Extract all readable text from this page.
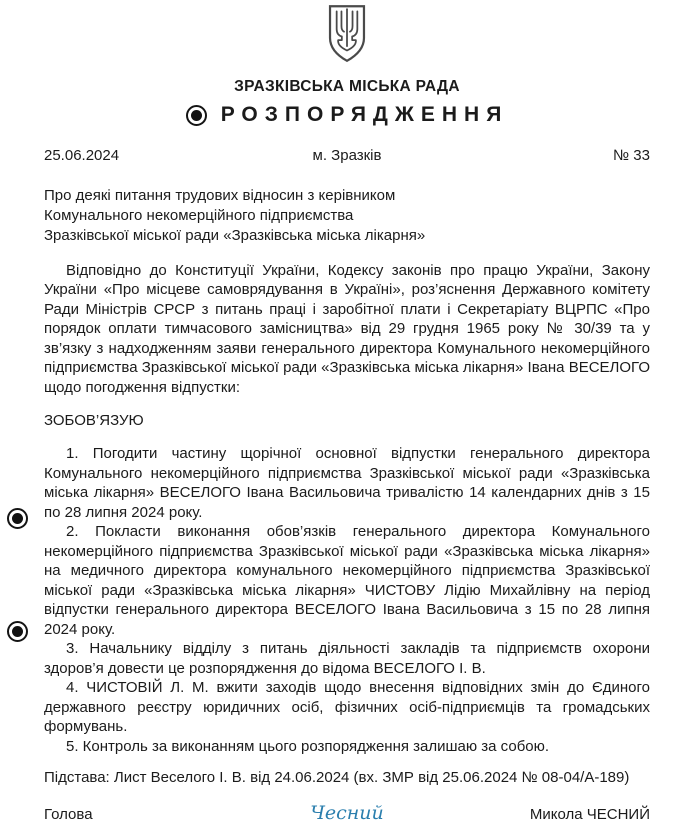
ЗРАЗКІВСЬКА МІСЬКА РАДА
РОЗПОРЯДЖЕННЯ
25.06.2024	м. Зразків	№ 33
Про деякі питання трудових відносин з керівником
Комунального некомерційного підприємства
Зразківської міської ради «Зразківська міська лікарня»

Відповідно до Конституції України, Кодексу законів про працю України, Закону України «Про місцеве самоврядування в Україні», роз’яснення Державного комітету Ради Міністрів СРСР з питань праці і заробітної плати і Секретаріату ВЦРПС «Про порядок оплати тимчасового замісництва» від 29 грудня 1965 року № 30/39 та у зв’язку з надходженням заяви генерального директора Комунального некомерційного підприємства Зразківської міської ради «Зразківська міська лікарня» Івана ВЕСЕЛОГО щодо погодження відпустки:

ЗОБОВ’ЯЗУЮ

1. Погодити частину щорічної основної відпустки генерального директора Комунального некомерційного підприємства Зразківської міської ради «Зразківська міська лікарня» ВЕСЕЛОГО Івана Васильовича тривалістю 14 календарних днів з 15 по 28 липня 2024 року.

2. Покласти виконання обов’язків генерального директора Комунального некомерційного підприємства Зразківської міської ради «Зразківська міська лікарня» на медичного директора комунального некомерційного підприємства Зразківської міської ради «Зразківська міська лікарня» ЧИСТОВУ Лідію Михайлівну на період відпустки генерального директора ВЕСЕЛОГО Івана Васильовича з 15 по 28 липня 2024 року.

3. Начальнику відділу з питань діяльності закладів та підприємств охорони здоров’я довести це розпорядження до відома ВЕСЕЛОГО І. В.

4. ЧИСТОВІЙ Л. М. вжити заходів щодо внесення відповідних змін до Єдиного державного реєстру юридичних осіб, фізичних осіб-підприємців та громадських формувань.

5. Контроль за виконанням цього розпорядження залишаю за собою.

Підстава: Лист Веселого І. В. від 24.06.2024 (вх. ЗМР від 25.06.2024 № 08-04/А-189)
Голова	Чесний	Микола ЧЕСНИЙ
